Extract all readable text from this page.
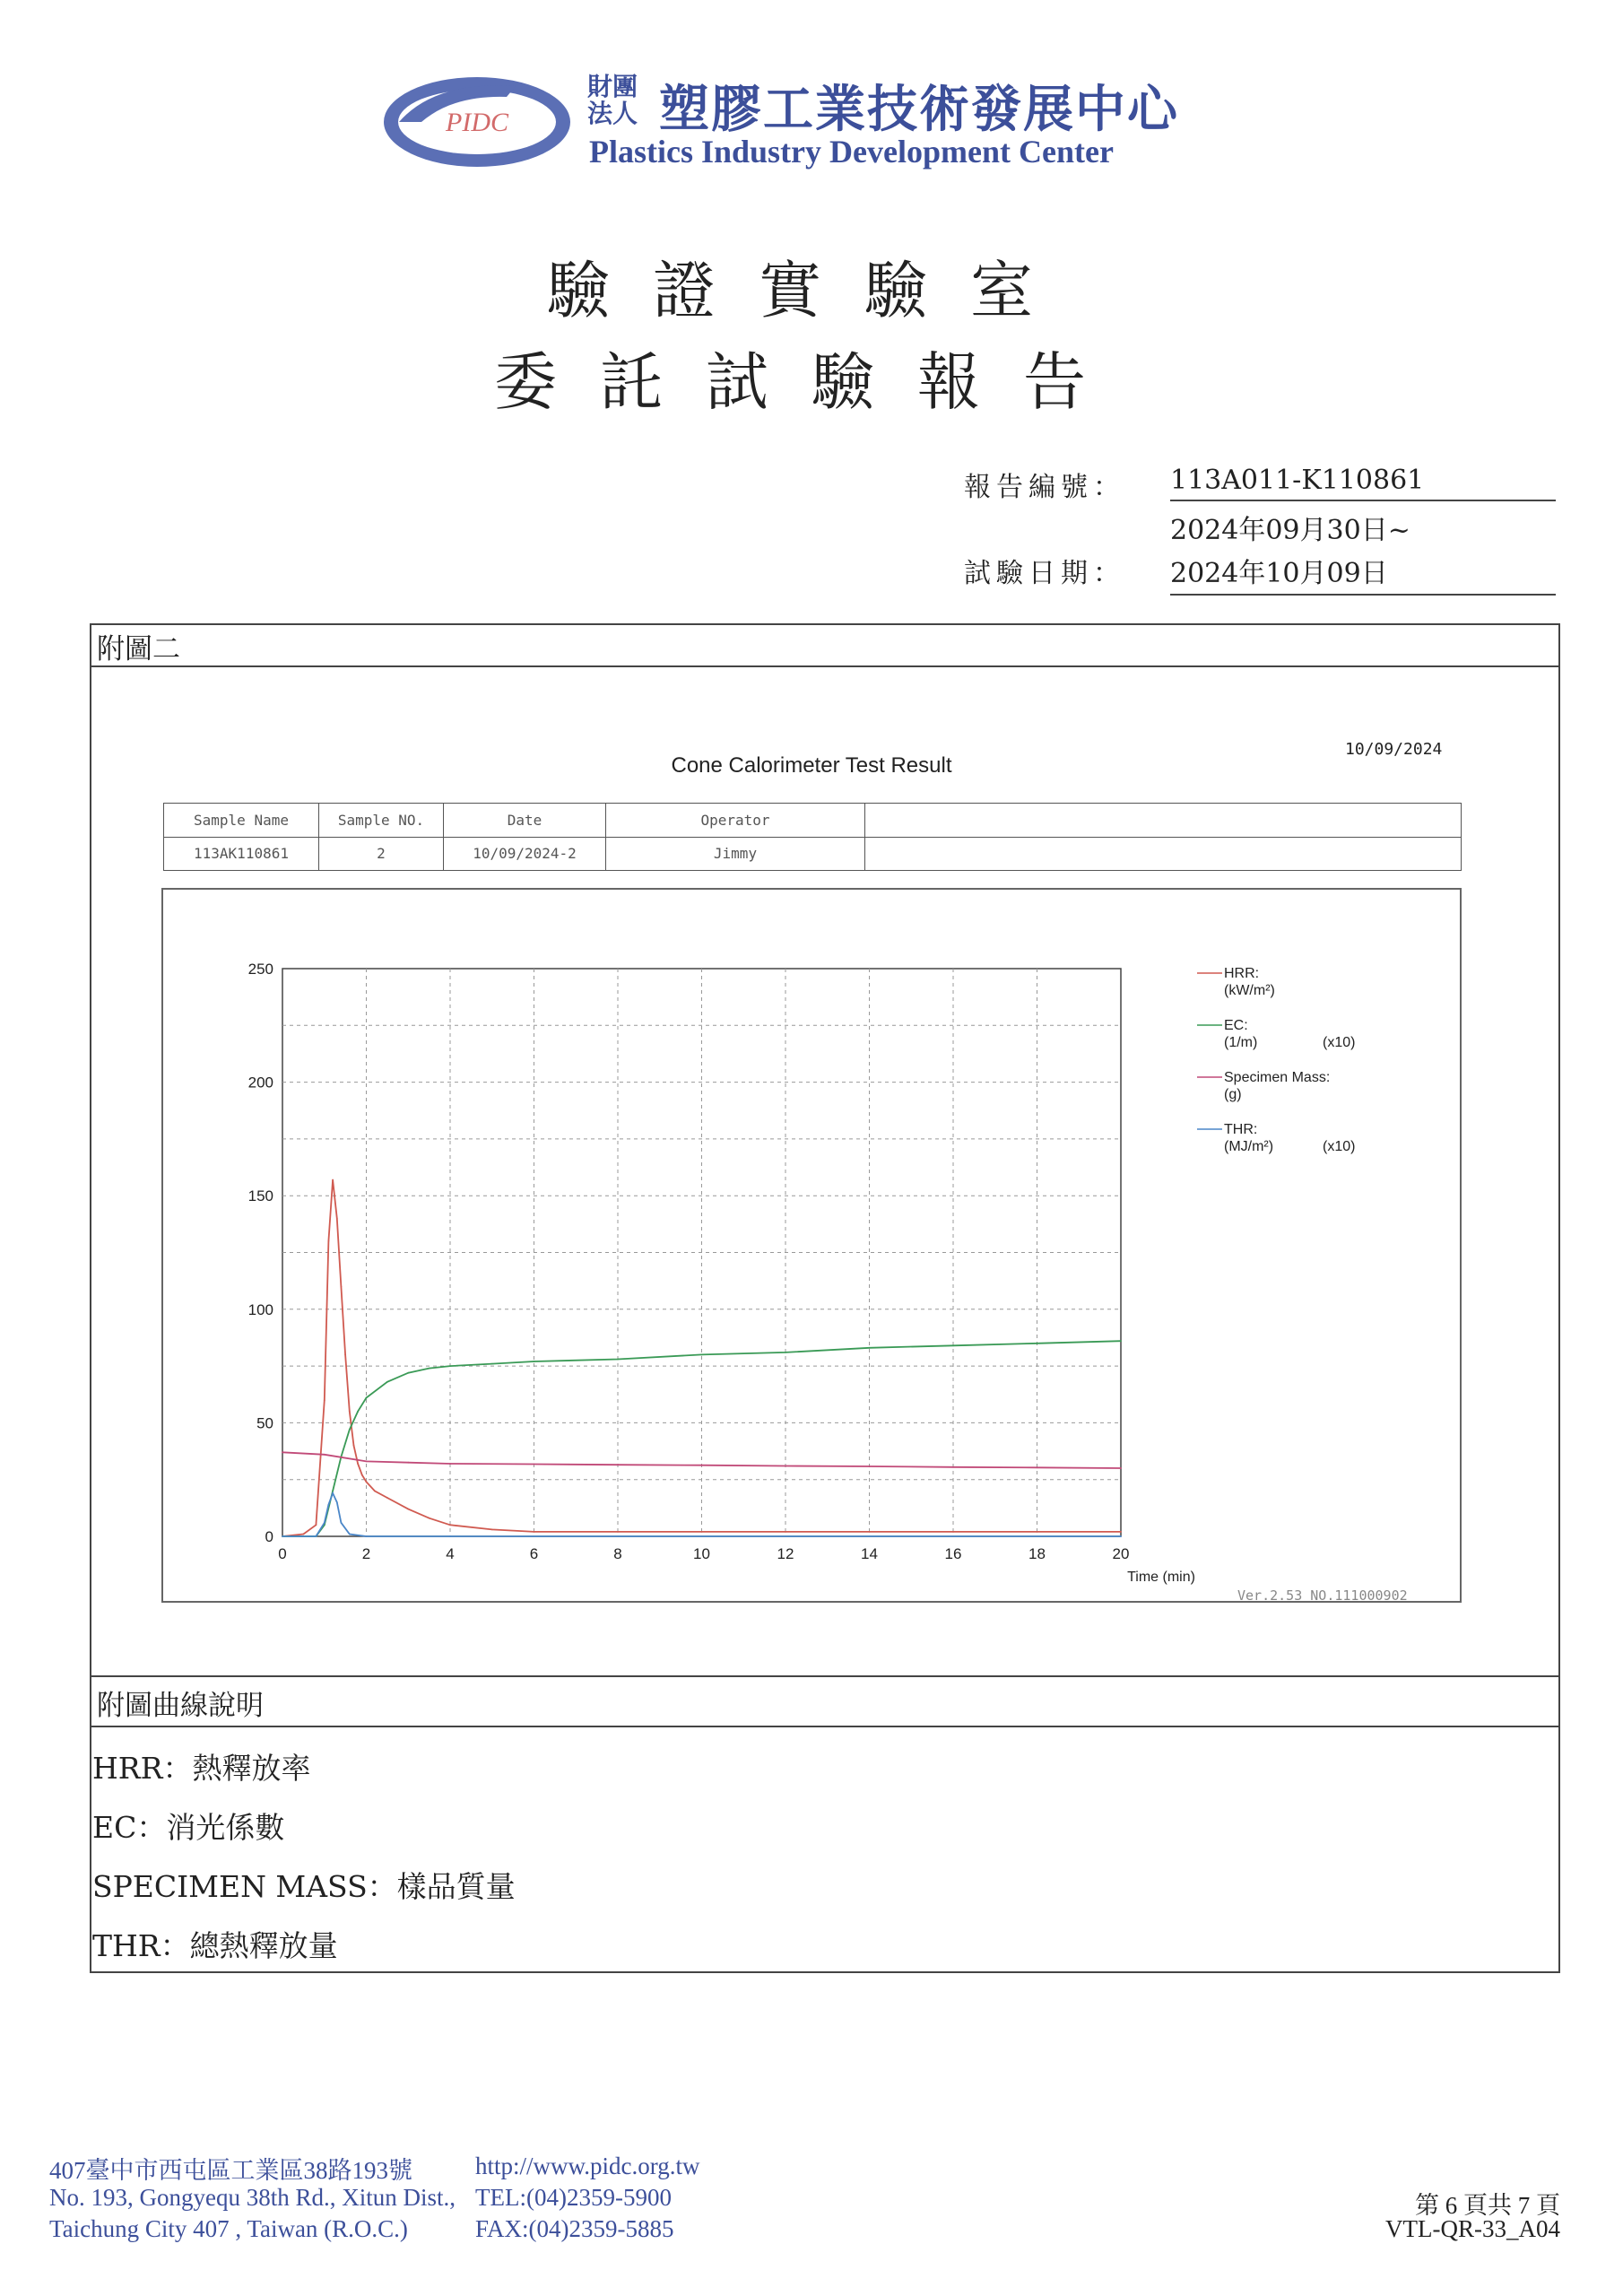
PIDC
財團
法人 塑膠工業技術發展中心
Plastics Industry Development Center
驗證實驗室
委託試驗報告
報告編號： 113A011-K110861
2024年09月30日~
試驗日期： 2024年10月09日
附圖二
10/09/2024
Cone Calorimeter Test Result
Sample Name	Sample NO.	Date	Operator	
113AK110861	2	10/09/2024-2	Jimmy	
0	2	4	6	8	10	12	14	16	18	20
0
50
100
150
200
250
Time (min)
HRR:
(kW/m²)
EC:
(1/m)	(x10)
Specimen Mass:
(g)
THR:
(MJ/m²)	(x10)
Ver.2.53 NO.111000902
附圖曲線說明
HRR：熱釋放率
EC：消光係數
SPECIMEN MASS：樣品質量
THR：總熱釋放量
407臺中市西屯區工業區38路193號
No. 193, Gongyequ 38th Rd., Xitun Dist.,
Taichung City 407 , Taiwan (R.O.C.)
http://www.pidc.org.tw
TEL:(04)2359-5900
FAX:(04)2359-5885
第 6 頁共 7 頁
VTL-QR-33_A04
